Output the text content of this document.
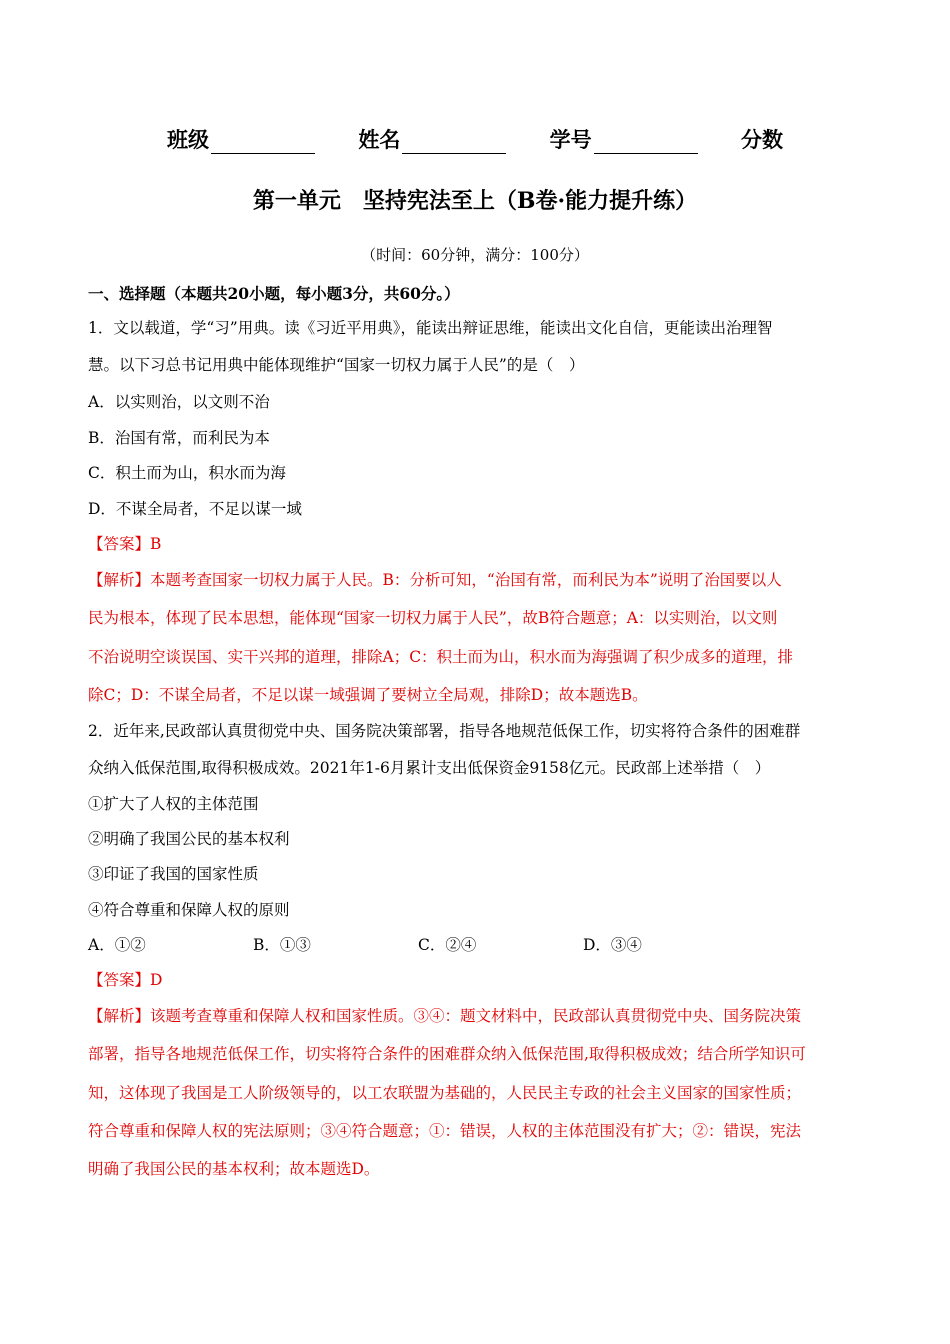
班级	姓名	学号	分数
第一单元　坚持宪法至上（B卷·能力提升练）
（时间：60分钟，满分：100分）
一、选择题（本题共20小题，每小题3分，共60分。）
1．文以载道，学“习”用典。读《习近平用典》，能读出辩证思维，能读出文化自信，更能读出治理智
慧。以下习总书记用典中能体现维护“国家一切权力属于人民”的是（　）
A．以实则治，以文则不治
B．治国有常，而利民为本
C．积土而为山，积水而为海
D．不谋全局者，不足以谋一域
【答案】B
【解析】本题考查国家一切权力属于人民。B：分析可知，“治国有常，而利民为本”说明了治国要以人
民为根本，体现了民本思想，能体现“国家一切权力属于人民”，故B符合题意；A：以实则治，以文则
不治说明空谈误国、实干兴邦的道理，排除A；C：积土而为山，积水而为海强调了积少成多的道理，排
除C；D：不谋全局者，不足以谋一域强调了要树立全局观，排除D；故本题选B。
2．近年来,民政部认真贯彻党中央、国务院决策部署，指导各地规范低保工作，切实将符合条件的困难群
众纳入低保范围,取得积极成效。2021年1-6月累计支出低保资金9158亿元。民政部上述举措（　）
①扩大了人权的主体范围
②明确了我国公民的基本权利
③印证了我国的国家性质
④符合尊重和保障人权的原则
A．①②	B．①③	C．②④	D．③④
【答案】D
【解析】该题考查尊重和保障人权和国家性质。③④：题文材料中，民政部认真贯彻党中央、国务院决策
部署，指导各地规范低保工作，切实将符合条件的困难群众纳入低保范围,取得积极成效；结合所学知识可
知，这体现了我国是工人阶级领导的，以工农联盟为基础的，人民民主专政的社会主义国家的国家性质；
符合尊重和保障人权的宪法原则；③④符合题意；①：错误，人权的主体范围没有扩大；②：错误，宪法
明确了我国公民的基本权利；故本题选D。
